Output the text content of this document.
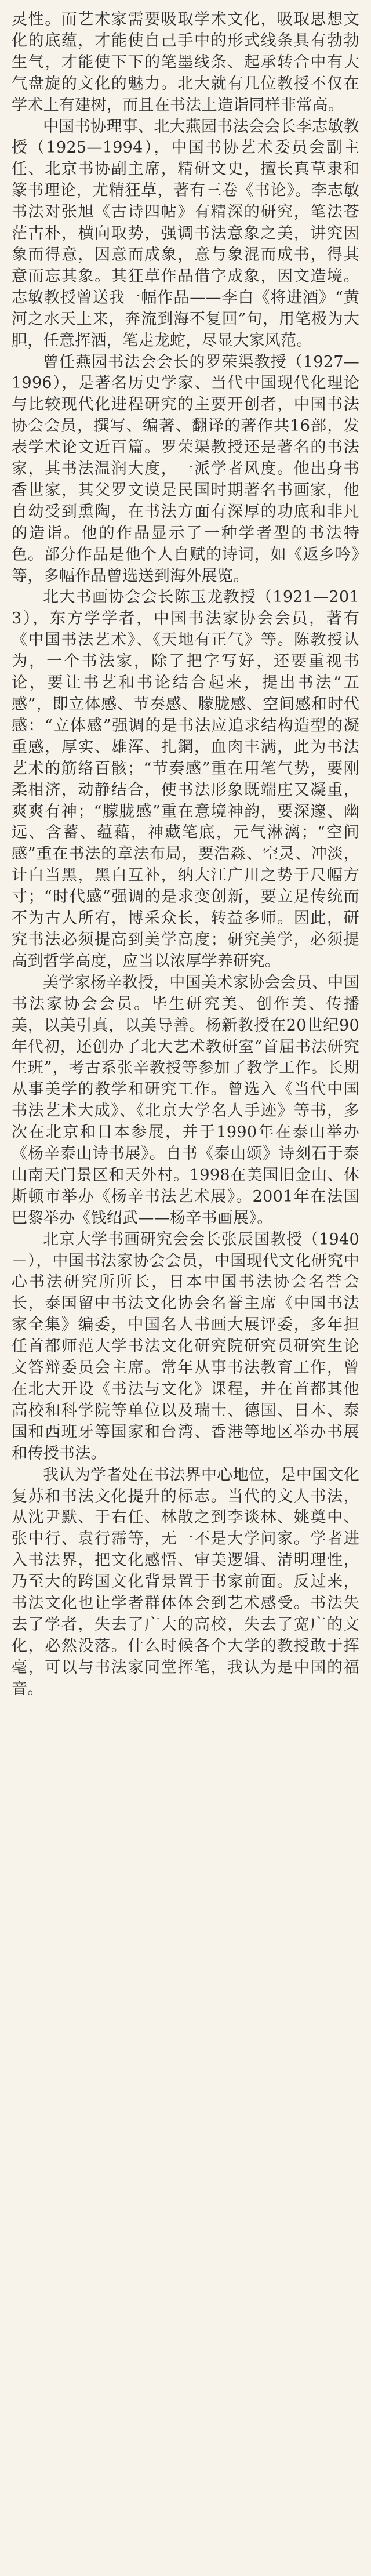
灵性。而艺术家需要吸取学术文化，吸取思想文化的底蕴，才能使自己手中的形式线条具有勃勃生气，才能使下下的笔墨线条、起承转合中有大气盘旋的文化的魅力。北大就有几位教授不仅在学术上有建树，而且在书法上造诣同样非常高。

中国书协理事、北大燕园书法会会长李志敏教授（1925—1994），中国书协艺术委员会副主任、北京书协副主席，精研文史，擅长真草隶和篆书理论，尤精狂草，著有三卷《书论》。李志敏书法对张旭《古诗四帖》有精深的研究，笔法苍茫古朴，横向取势，强调书法意象之美，讲究因象而得意，因意而成象，意与象混而成书，得其意而忘其象。其狂草作品借字成象，因文造境。志敏教授曾送我一幅作品——李白《将进酒》“黄河之水天上来，奔流到海不复回”句，用笔极为大胆，任意挥洒，笔走龙蛇，尽显大家风范。

曾任燕园书法会会长的罗荣渠教授（1927—1996），是著名历史学家、当代中国现代化理论与比较现代化进程研究的主要开创者，中国书法协会会员，撰写、编著、翻译的著作共16部，发表学术论文近百篇。罗荣渠教授还是著名的书法家，其书法温润大度，一派学者风度。他出身书香世家，其父罗文谟是民国时期著名书画家，他自幼受到熏陶，在书法方面有深厚的功底和非凡的造诣。他的作品显示了一种学者型的书法特色。部分作品是他个人自赋的诗词，如《返乡吟》等，多幅作品曾选送到海外展览。

北大书画协会会长陈玉龙教授（1921—2013），东方学学者，中国书法家协会会员，著有《中国书法艺术》、《天地有正气》等。陈教授认为，一个书法家，除了把字写好，还要重视书论，要让书艺和书论结合起来，提出书法“五感”，即立体感、节奏感、朦胧感、空间感和时代感：“立体感”强调的是书法应追求结构造型的凝重感，厚实、雄浑、扎鋼，血肉丰满，此为书法艺术的筋络百骸；“节奏感”重在用笔气势，要刚柔相济，动静结合，使书法形象既端庄又凝重，爽爽有神；“朦胧感”重在意境神韵，要深邃、幽远、含蓄、蕴藉，神藏笔底，元气淋漓；“空间感”重在书法的章法布局，要浩淼、空灵、冲淡，计白当黑，黑白互补，纳大江广川之势于尺幅方寸；“时代感”强调的是求变创新，要立足传统而不为古人所宥，博采众长，转益多师。因此，研究书法必须提高到美学高度；研究美学，必须提高到哲学高度，应当以浓厚学养研究。

美学家杨辛教授，中国美术家协会会员、中国书法家协会会员。毕生研究美、创作美、传播美，以美引真，以美导善。杨新教授在20世纪90年代初，还创办了北大艺术教研室“首届书法研究生班”，考古系张辛教授等参加了教学工作。长期从事美学的教学和研究工作。曾选入《当代中国书法艺术大成》、《北京大学名人手迹》等书，多次在北京和日本参展，并于1990年在泰山举办《杨辛泰山诗书展》。自书《泰山颂》诗刻石于泰山南天门景区和天外村。1998在美国旧金山、休斯顿市举办《杨辛书法艺术展》。2001年在法国巴黎举办《钱绍武——杨辛书画展》。

北京大学书画研究会会长张辰国教授（1940－），中国书法家协会会员，中国现代文化研究中心书法研究所所长，日本中国书法协会名誉会长，泰国留中书法文化协会名誉主席《中国书法家全集》编委，中国名人书画大展评委，多年担任首都师范大学书法文化研究院研究员研究生论文答辩委员会主席。常年从事书法教育工作，曾在北大开设《书法与文化》课程，并在首都其他高校和科学院等单位以及瑞士、德国、日本、泰国和西班牙等国家和台湾、香港等地区举办书展和传授书法。

我认为学者处在书法界中心地位，是中国文化复苏和书法文化提升的标志。当代的文人书法，从沈尹默、于右任、林散之到李谈林、姚奠中、张中行、袁行霈等，无一不是大学问家。学者进入书法界，把文化感悟、审美逻辑、清明理性，乃至大的跨国文化背景置于书家前面。反过来，书法文化也让学者群体体会到艺术感受。书法失去了学者，失去了广大的高校，失去了宽广的文化，必然没落。什么时候各个大学的教授敢于挥毫，可以与书法家同堂挥笔，我认为是中国的福音。
